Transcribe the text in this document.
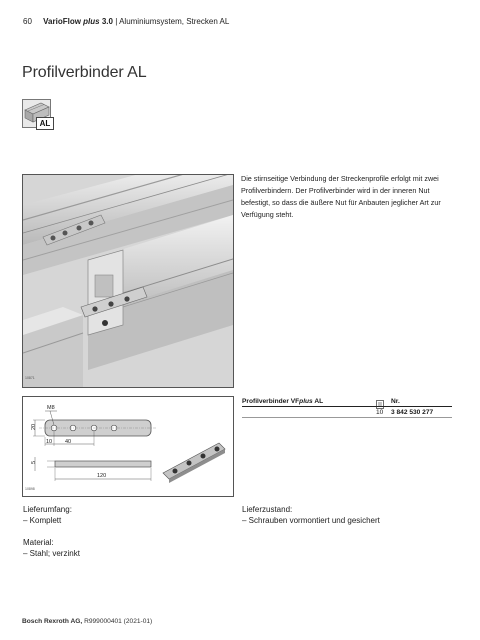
60 VarioFlow plus 3.0 | Aluminiumsystem, Strecken AL
Profilverbinder AL
AL
10871
Die stirnseitige Verbindung der Streckenprofile erfolgt mit zwei Profilverbindern. Der Profilverbinder wird in der inneren Nut befestigt, so dass die äußere Nut für Anbauten jeglicher Art zur Verfügung steht.
M8
20
10 40
5
120
10898
Profilverbinder VFplus AL	Nr.
10 3 842 530 277
Lieferumfang:
– Komplett
Lieferzustand:
– Schrauben vormontiert und gesichert
Material:
– Stahl; verzinkt
Bosch Rexroth AG, R999000401 (2021-01)
